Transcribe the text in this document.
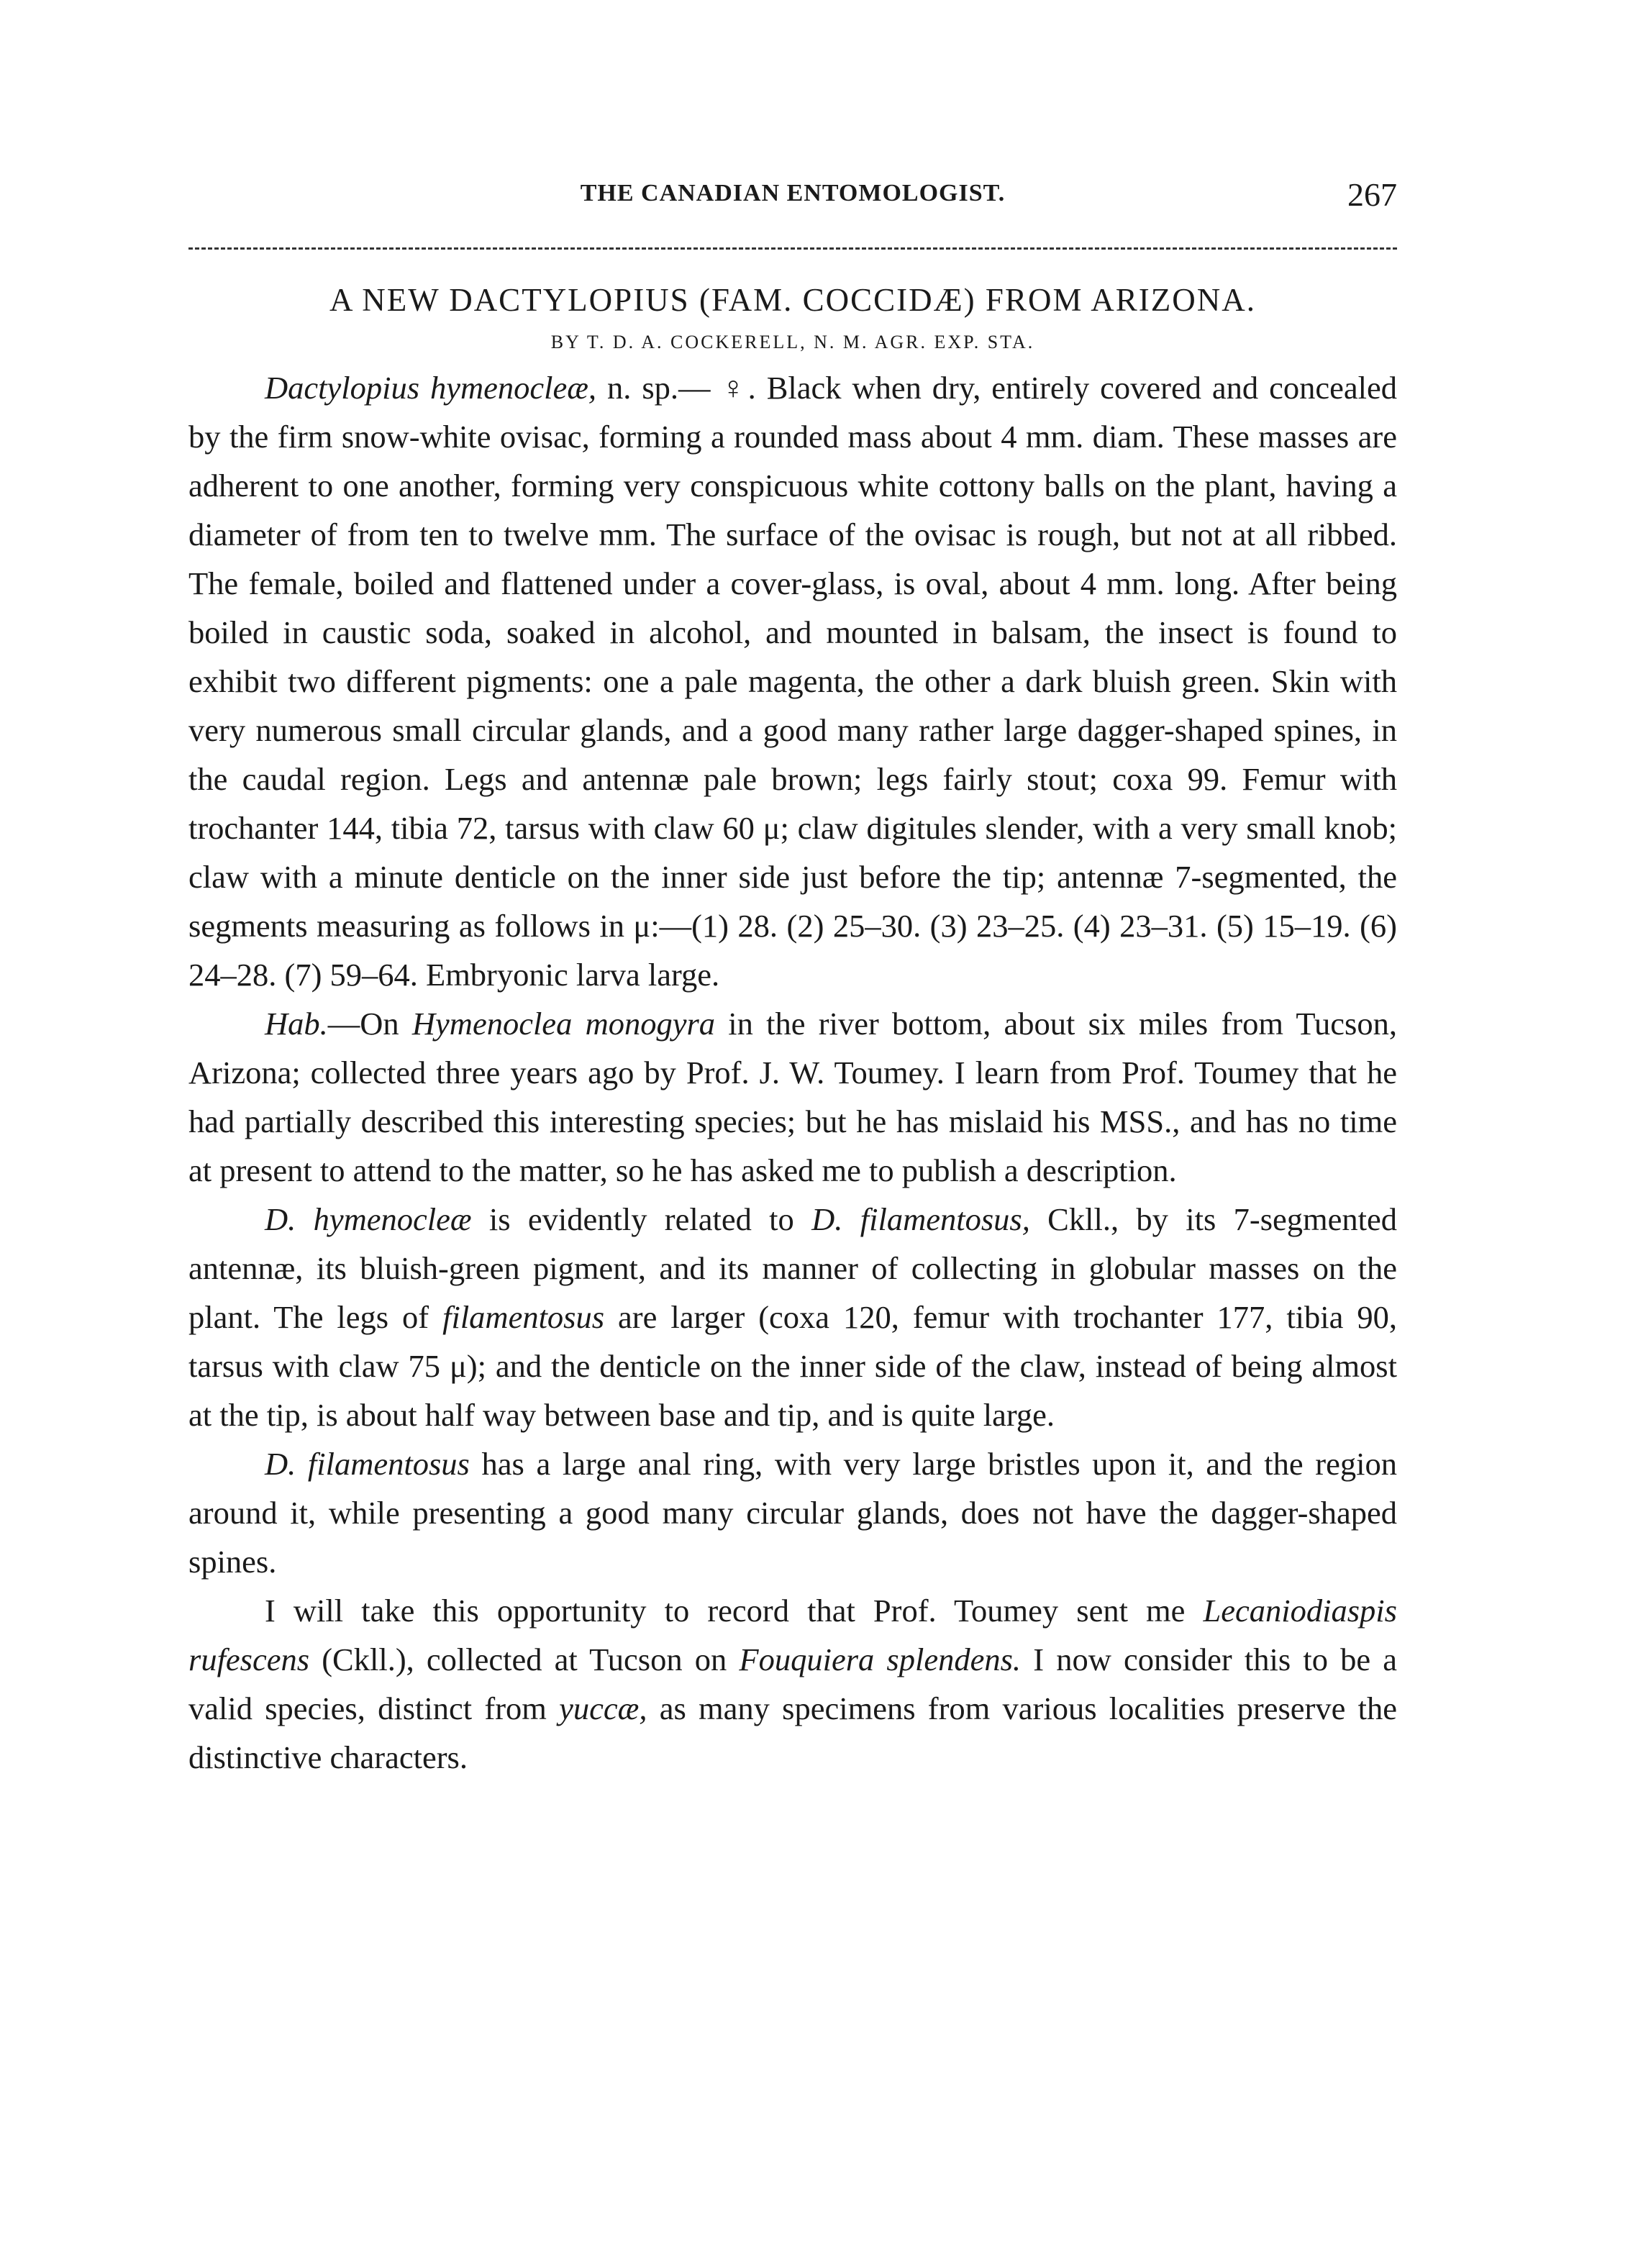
THE CANADIAN ENTOMOLOGIST.	267
A NEW DACTYLOPIUS (FAM. COCCIDÆ) FROM ARIZONA.
BY T. D. A. COCKERELL, N. M. AGR. EXP. STA.

Dactylopius hymenocleæ, n. sp.— ♀. Black when dry, entirely covered and concealed by the firm snow-white ovisac, forming a rounded mass about 4 mm. diam. These masses are adherent to one another, forming very conspicuous white cottony balls on the plant, having a diameter of from ten to twelve mm. The surface of the ovisac is rough, but not at all ribbed. The female, boiled and flattened under a cover-glass, is oval, about 4 mm. long. After being boiled in caustic soda, soaked in alcohol, and mounted in balsam, the insect is found to exhibit two different pigments: one a pale magenta, the other a dark bluish green. Skin with very numerous small circular glands, and a good many rather large dagger-shaped spines, in the caudal region. Legs and antennæ pale brown; legs fairly stout; coxa 99. Femur with trochanter 144, tibia 72, tarsus with claw 60 μ; claw digitules slender, with a very small knob; claw with a minute denticle on the inner side just before the tip; antennæ 7-segmented, the segments measuring as follows in μ:—(1) 28. (2) 25–30. (3) 23–25. (4) 23–31. (5) 15–19. (6) 24–28. (7) 59–64. Embryonic larva large.

Hab.—On Hymenoclea monogyra in the river bottom, about six miles from Tucson, Arizona; collected three years ago by Prof. J. W. Toumey. I learn from Prof. Toumey that he had partially described this interesting species; but he has mislaid his MSS., and has no time at present to attend to the matter, so he has asked me to publish a description.

D. hymenocleæ is evidently related to D. filamentosus, Ckll., by its 7-segmented antennæ, its bluish-green pigment, and its manner of collecting in globular masses on the plant. The legs of filamentosus are larger (coxa 120, femur with trochanter 177, tibia 90, tarsus with claw 75 μ); and the denticle on the inner side of the claw, instead of being almost at the tip, is about half way between base and tip, and is quite large.

D. filamentosus has a large anal ring, with very large bristles upon it, and the region around it, while presenting a good many circular glands, does not have the dagger-shaped spines.

I will take this opportunity to record that Prof. Toumey sent me Lecaniodiaspis rufescens (Ckll.), collected at Tucson on Fouquiera splendens. I now consider this to be a valid species, distinct from yuccæ, as many specimens from various localities preserve the distinctive characters.
